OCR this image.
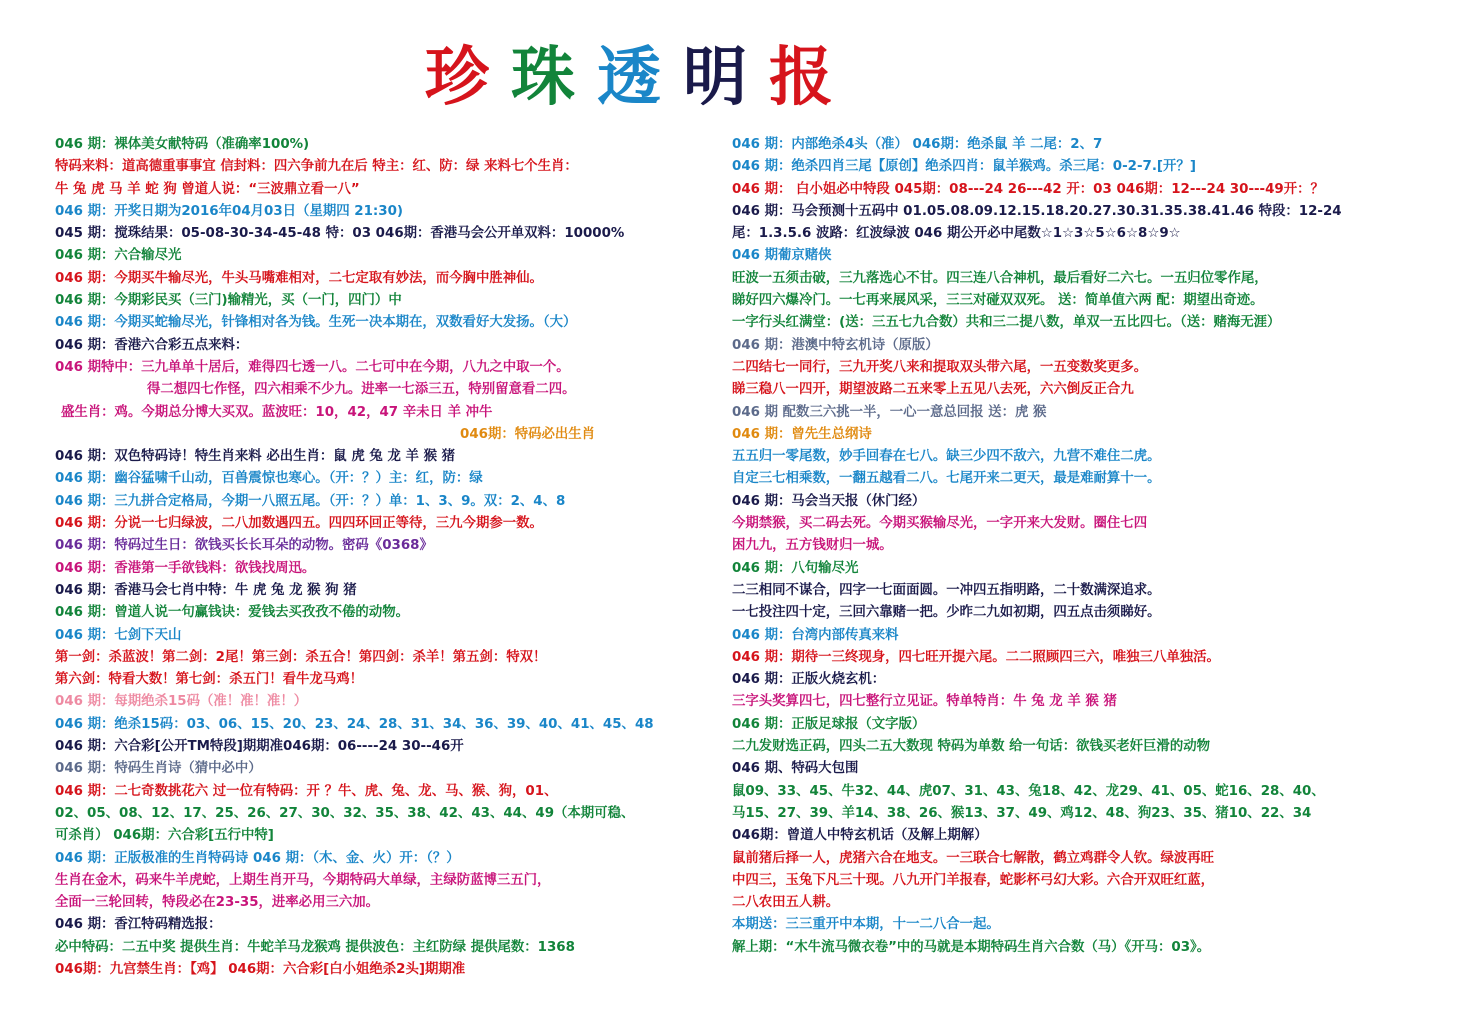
珍 珠 透 明 报
046 期：裸体美女献特码（准确率100%)
特码来料：道高德重事事宜 信封料：四六争前九在后 特主：红、防：绿 来料七个生肖：
牛 兔 虎 马 羊 蛇 狗 曾道人说：“三波鼎立看一八”
046 期：开奖日期为2016年04月03日（星期四 21:30)
045 期：搅珠结果：05-08-30-34-45-48 特：03 046期：香港马会公开单双料：10000%
046 期：六合输尽光
046 期：今期买牛输尽光，牛头马嘴难相对，二七定取有妙法，而今胸中胜神仙。
046 期：今期彩民买（三门)输精光，买（一门，四门）中
046 期：今期买蛇输尽光，针锋相对各为钱。生死一决本期在，双数看好大发扬。（大）
046 期：香港六合彩五点来料：
046 期特中：三九单单十居后，难得四七透一八。二七可中在今期，八九之中取一个。
得二想四七作怪，四六相乘不少九。进率一七添三五，特别留意看二四。
盛生肖：鸡。今期总分博大买双。蓝波旺：10，42，47 辛未日 羊 冲牛
046期：特码必出生肖
046 期：双色特码诗！特生肖来料 必出生肖：鼠 虎 兔 龙 羊 猴 猪
046 期：幽谷猛啸千山动，百兽震惊也寒心。（开：？）主：红，防：绿
046 期：三九拼合定格局，今期一八照五尾。（开：？）单：1、3、9。双：2、4、8
046 期：分说一七归绿波，二八加数遇四五。四四环回正等待，三九今期参一数。
046 期：特码过生日：欲钱买长长耳朵的动物。密码《0368》
046 期：香港第一手欲钱料：欲钱找周迅。
046 期：香港马会七肖中特：牛 虎 兔 龙 猴 狗 猪
046 期：曾道人说一句赢钱诀：爱钱去买孜孜不倦的动物。
046 期：七剑下天山
第一剑：杀蓝波！第二剑：2尾！第三剑：杀五合！第四剑：杀羊！第五剑：特双！
第六剑：特看大数！第七剑：杀五门！看牛龙马鸡！
046 期：每期绝杀15码（准！准！准！）
046 期：绝杀15码：03、06、15、20、23、24、28、31、34、36、39、40、41、45、48
046 期：六合彩[公开TM特段]期期准046期：06----24 30--46开
046 期：特码生肖诗（猜中必中）
046 期：二七奇数挑花六 过一位有特码：开 ？牛、虎、兔、龙、马、猴、狗，01、
02、05、08、12、17、25、26、27、30、32、35、38、42、43、44、49（本期可稳、
可杀肖） 046期：六合彩[五行中特]
046 期：正版极准的生肖特码诗 046 期：（木、金、火）开：（？）
生肖在金木，码来牛羊虎蛇，上期生肖开马，今期特码大单绿，主绿防蓝博三五门，
全面一三轮回转，特段必在23-35，进率必用三六加。
046 期：香江特码精选报：
必中特码：二五中奖 提供生肖：牛蛇羊马龙猴鸡 提供波色：主红防绿 提供尾数：1368
046期：九宫禁生肖：【鸡】 046期：六合彩[白小姐绝杀2头]期期准
046 期：内部绝杀4头（准） 046期：绝杀鼠 羊 二尾：2、7
046 期：绝杀四肖三尾【原创】绝杀四肖：鼠羊猴鸡。杀三尾：0-2-7.[开？]
046 期： 白小姐必中特段 045期：08---24 26---42 开：03 046期：12---24 30---49开：？
046 期：马会预测十五码中 01.05.08.09.12.15.18.20.27.30.31.35.38.41.46 特段：12-24
尾：1.3.5.6 波路：红波绿波 046 期公开必中尾数☆1☆3☆5☆6☆8☆9☆
046 期葡京赌侠
旺波一五须击破，三九落选心不甘。四三连八合神机，最后看好二六七。一五归位零作尾，
睇好四六爆冷门。一七再来展风采，三三对碰双双死。 送：简单值六两 配：期望出奇迹。
一字行头红满堂：(送：三五七九合数）共和三二提八数，单双一五比四七。（送：赌海无涯）
046 期：港澳中特玄机诗（原版）
二四结七一同行，三九开奖八来和提取双头带六尾，一五变数奖更多。
睇三稳八一四开，期望波路二五来零上五见八去死，六六倒反正合九
046 期 配数三六挑一半，一心一意总回报 送：虎 猴
046 期：曾先生总纲诗
五五归一零尾数，妙手回春在七八。缺三少四不敌六，九营不难住二虎。
自定三七相乘数，一翻五越看二八。七尾开来二更天，最是难耐算十一。
046 期：马会当天报（休门经）
今期禁猴，买二码去死。今期买猴输尽光，一字开来大发财。圈住七四
困九九，五方钱财归一城。
046 期：八句输尽光
二三相同不谋合，四字一七面面圆。一冲四五指明路，二十数满深追求。
一七投注四十定，三回六靠赌一把。少昨二九如初期，四五点击须睇好。
046 期：台湾内部传真来料
046 期：期待一三终现身，四七旺开提六尾。二二照顾四三六，唯独三八单独活。
046 期：正版火烧玄机：
三字头奖算四七，四七整行立见证。特单特肖：牛 兔 龙 羊 猴 猪
046 期：正版足球报（文字版）
二九发财选正码，四头二五大数现 特码为单数 给一句话：欲钱买老奸巨滑的动物
046 期、特码大包围
鼠09、33、45、牛32、44、虎07、31、43、兔18、42、龙29、41、05、蛇16、28、40、
马15、27、39、羊14、38、26、猴13、37、49、鸡12、48、狗23、35、猪10、22、34
046期：曾道人中特玄机话（及解上期解）
鼠前猪后择一人，虎猪六合在地支。一三联合七解散，鹤立鸡群令人钦。绿波再旺
中四三，玉兔下凡三十现。八九开门羊报春，蛇影杯弓幻大彩。六合开双旺红蓝，
二八农田五人耕。
本期送：三三重开中本期，十一二八合一起。
解上期：“木牛流马微衣卷”中的马就是本期特码生肖六合数（马）《开马：03》。
